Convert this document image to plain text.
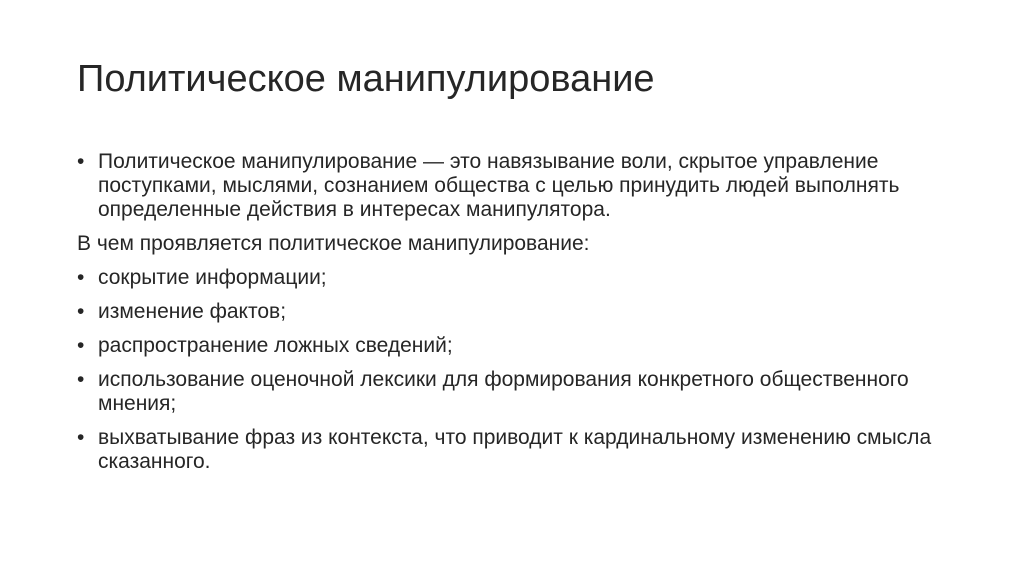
Политическое манипулирование
• Политическое манипулирование — это навязывание воли, скрытое управление поступками, мыслями, сознанием общества с целью принудить людей выполнять определенные действия в интересах манипулятора.
В чем проявляется политическое манипулирование:
• сокрытие информации;
• изменение фактов;
• распространение ложных сведений;
• использование оценочной лексики для формирования конкретного общественного мнения;
• выхватывание фраз из контекста, что приводит к кардинальному изменению смысла сказанного.
